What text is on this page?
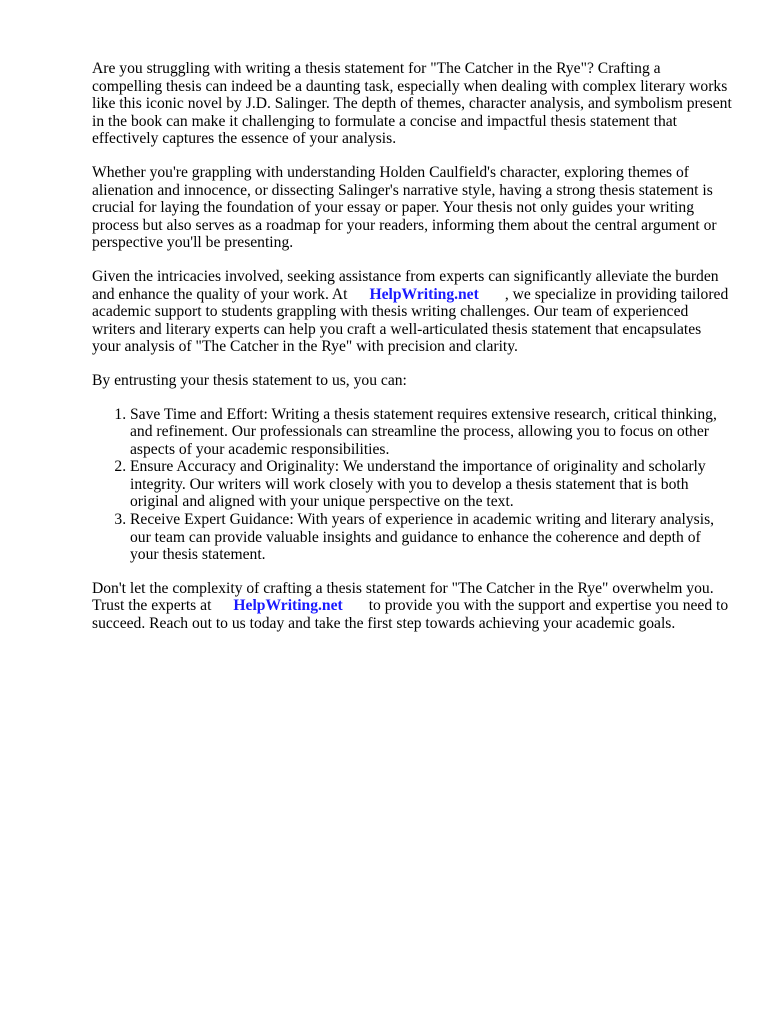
Are you struggling with writing a thesis statement for "The Catcher in the Rye"? Crafting a compelling thesis can indeed be a daunting task, especially when dealing with complex literary works like this iconic novel by J.D. Salinger. The depth of themes, character analysis, and symbolism present in the book can make it challenging to formulate a concise and impactful thesis statement that effectively captures the essence of your analysis.

Whether you're grappling with understanding Holden Caulfield's character, exploring themes of alienation and innocence, or dissecting Salinger's narrative style, having a strong thesis statement is crucial for laying the foundation of your essay or paper. Your thesis not only guides your writing process but also serves as a roadmap for your readers, informing them about the central argument or perspective you'll be presenting.

Given the intricacies involved, seeking assistance from experts can significantly alleviate the burden and enhance the quality of your work. At HelpWriting.net , we specialize in providing tailored academic support to students grappling with thesis writing challenges. Our team of experienced writers and literary experts can help you craft a well-articulated thesis statement that encapsulates your analysis of "The Catcher in the Rye" with precision and clarity.

By entrusting your thesis statement to us, you can:

1. Save Time and Effort: Writing a thesis statement requires extensive research, critical thinking, and refinement. Our professionals can streamline the process, allowing you to focus on other aspects of your academic responsibilities.
2. Ensure Accuracy and Originality: We understand the importance of originality and scholarly integrity. Our writers will work closely with you to develop a thesis statement that is both original and aligned with your unique perspective on the text.
3. Receive Expert Guidance: With years of experience in academic writing and literary analysis, our team can provide valuable insights and guidance to enhance the coherence and depth of your thesis statement.

Don't let the complexity of crafting a thesis statement for "The Catcher in the Rye" overwhelm you. Trust the experts at HelpWriting.net to provide you with the support and expertise you need to succeed. Reach out to us today and take the first step towards achieving your academic goals.
